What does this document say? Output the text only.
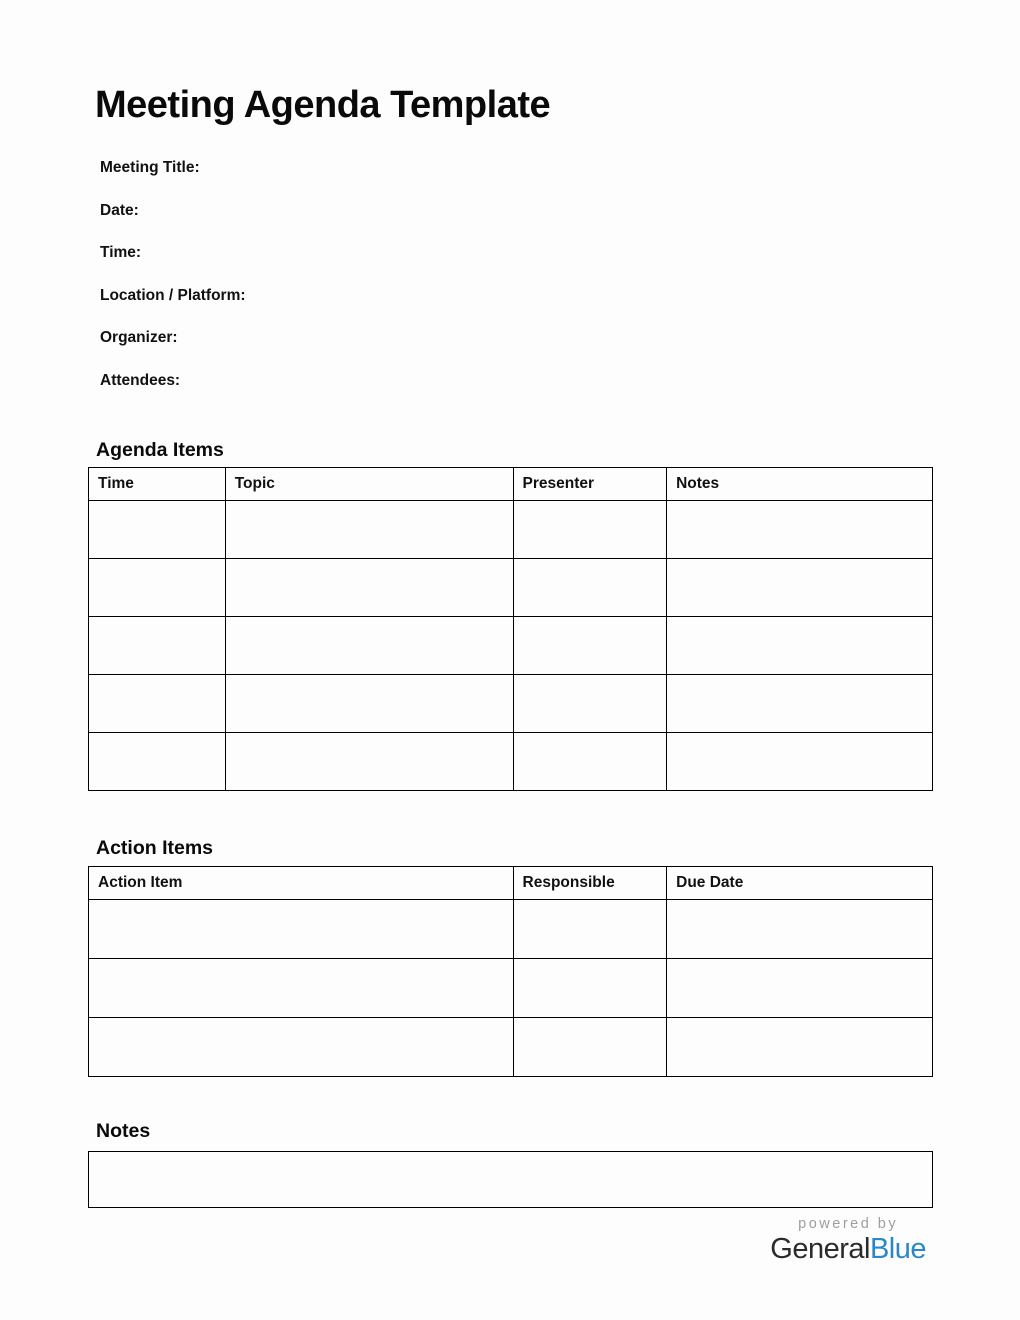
Meeting Agenda Template
Meeting Title:
Date:
Time:
Location / Platform:
Organizer:
Attendees:
Agenda Items
Time	Topic	Presenter	Notes

Action Items
Action Item	Responsible	Due Date

Notes
powered by
GeneralBlue
